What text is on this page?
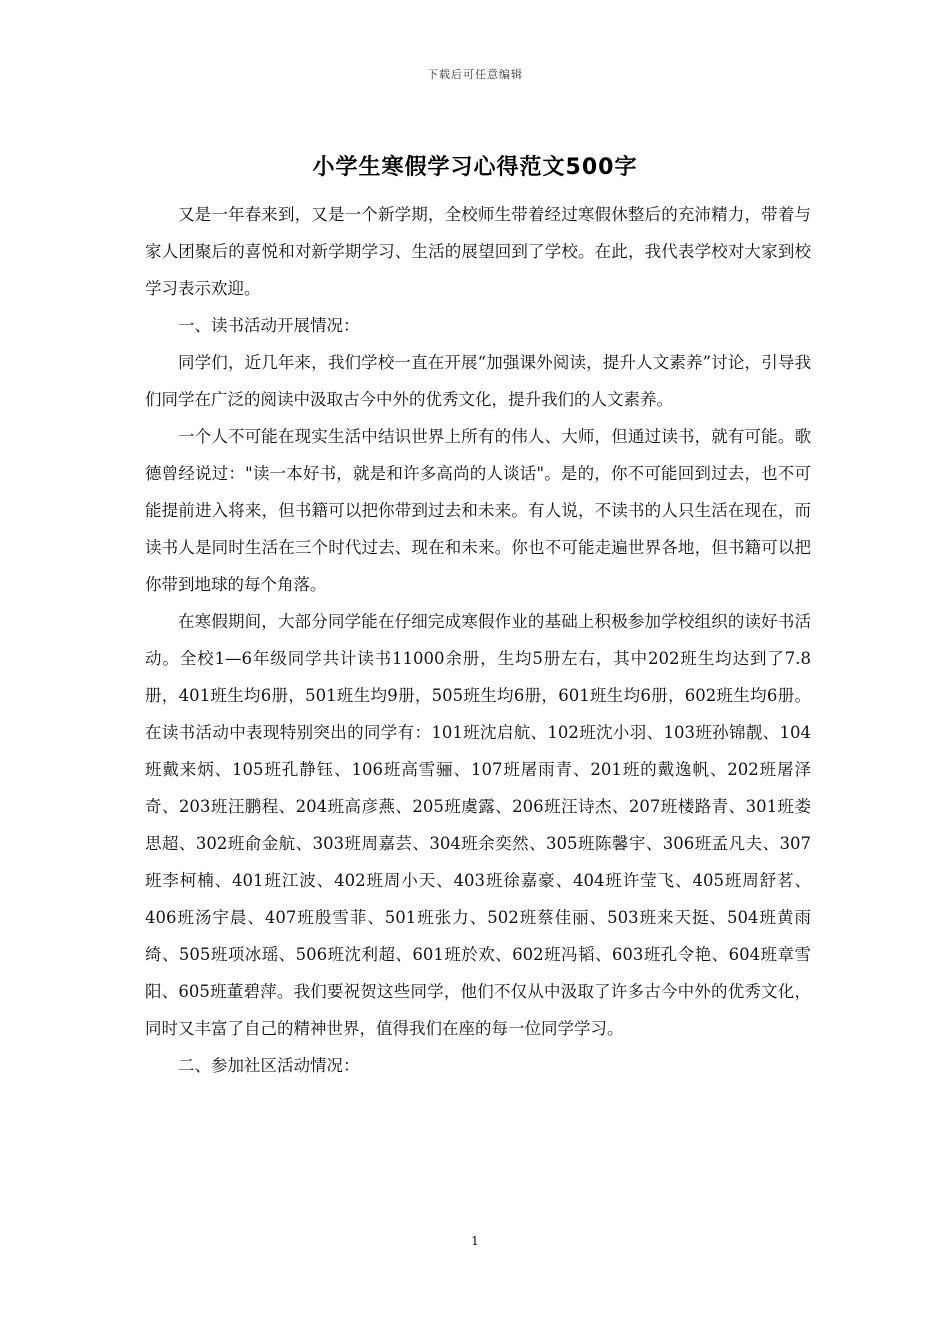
下载后可任意编辑
小学生寒假学习心得范文500字

又是一年春来到，又是一个新学期，全校师生带着经过寒假休整后的充沛精力，带着与家人团聚后的喜悦和对新学期学习、生活的展望回到了学校。在此，我代表学校对大家到校学习表示欢迎。

一、读书活动开展情况：

同学们，近几年来，我们学校一直在开展“加强课外阅读，提升人文素养”讨论，引导我们同学在广泛的阅读中汲取古今中外的优秀文化，提升我们的人文素养。

一个人不可能在现实生活中结识世界上所有的伟人、大师，但通过读书，就有可能。歌德曾经说过："读一本好书，就是和许多高尚的人谈话"。是的，你不可能回到过去，也不可能提前进入将来，但书籍可以把你带到过去和未来。有人说，不读书的人只生活在现在，而读书人是同时生活在三个时代过去、现在和未来。你也不可能走遍世界各地，但书籍可以把你带到地球的每个角落。

在寒假期间，大部分同学能在仔细完成寒假作业的基础上积极参加学校组织的读好书活动。全校1—6年级同学共计读书11000余册，生均5册左右，其中202班生均达到了7.8册，401班生均6册，501班生均9册，505班生均6册，601班生均6册，602班生均6册。在读书活动中表现特别突出的同学有：101班沈启航、102班沈小羽、103班孙锦靓、104班戴来炳、105班孔静钰、106班高雪骊、107班屠雨青、201班的戴逸帆、202班屠泽奇、203班汪鹏程、204班高彦燕、205班虞露、206班汪诗杰、207班楼路青、301班娄思超、302班俞金航、303班周嘉芸、304班余奕然、305班陈馨宇、306班孟凡夫、307班李柯楠、401班江波、402班周小天、403班徐嘉豪、404班许莹飞、405班周舒茗、406班汤宇晨、407班殷雪菲、501班张力、502班蔡佳丽、503班来天挺、504班黄雨绮、505班项冰瑶、506班沈利超、601班於欢、602班冯韬、603班孔令艳、604班章雪阳、605班董碧萍。我们要祝贺这些同学，他们不仅从中汲取了许多古今中外的优秀文化，同时又丰富了自己的精神世界，值得我们在座的每一位同学学习。

二、参加社区活动情况：

1
